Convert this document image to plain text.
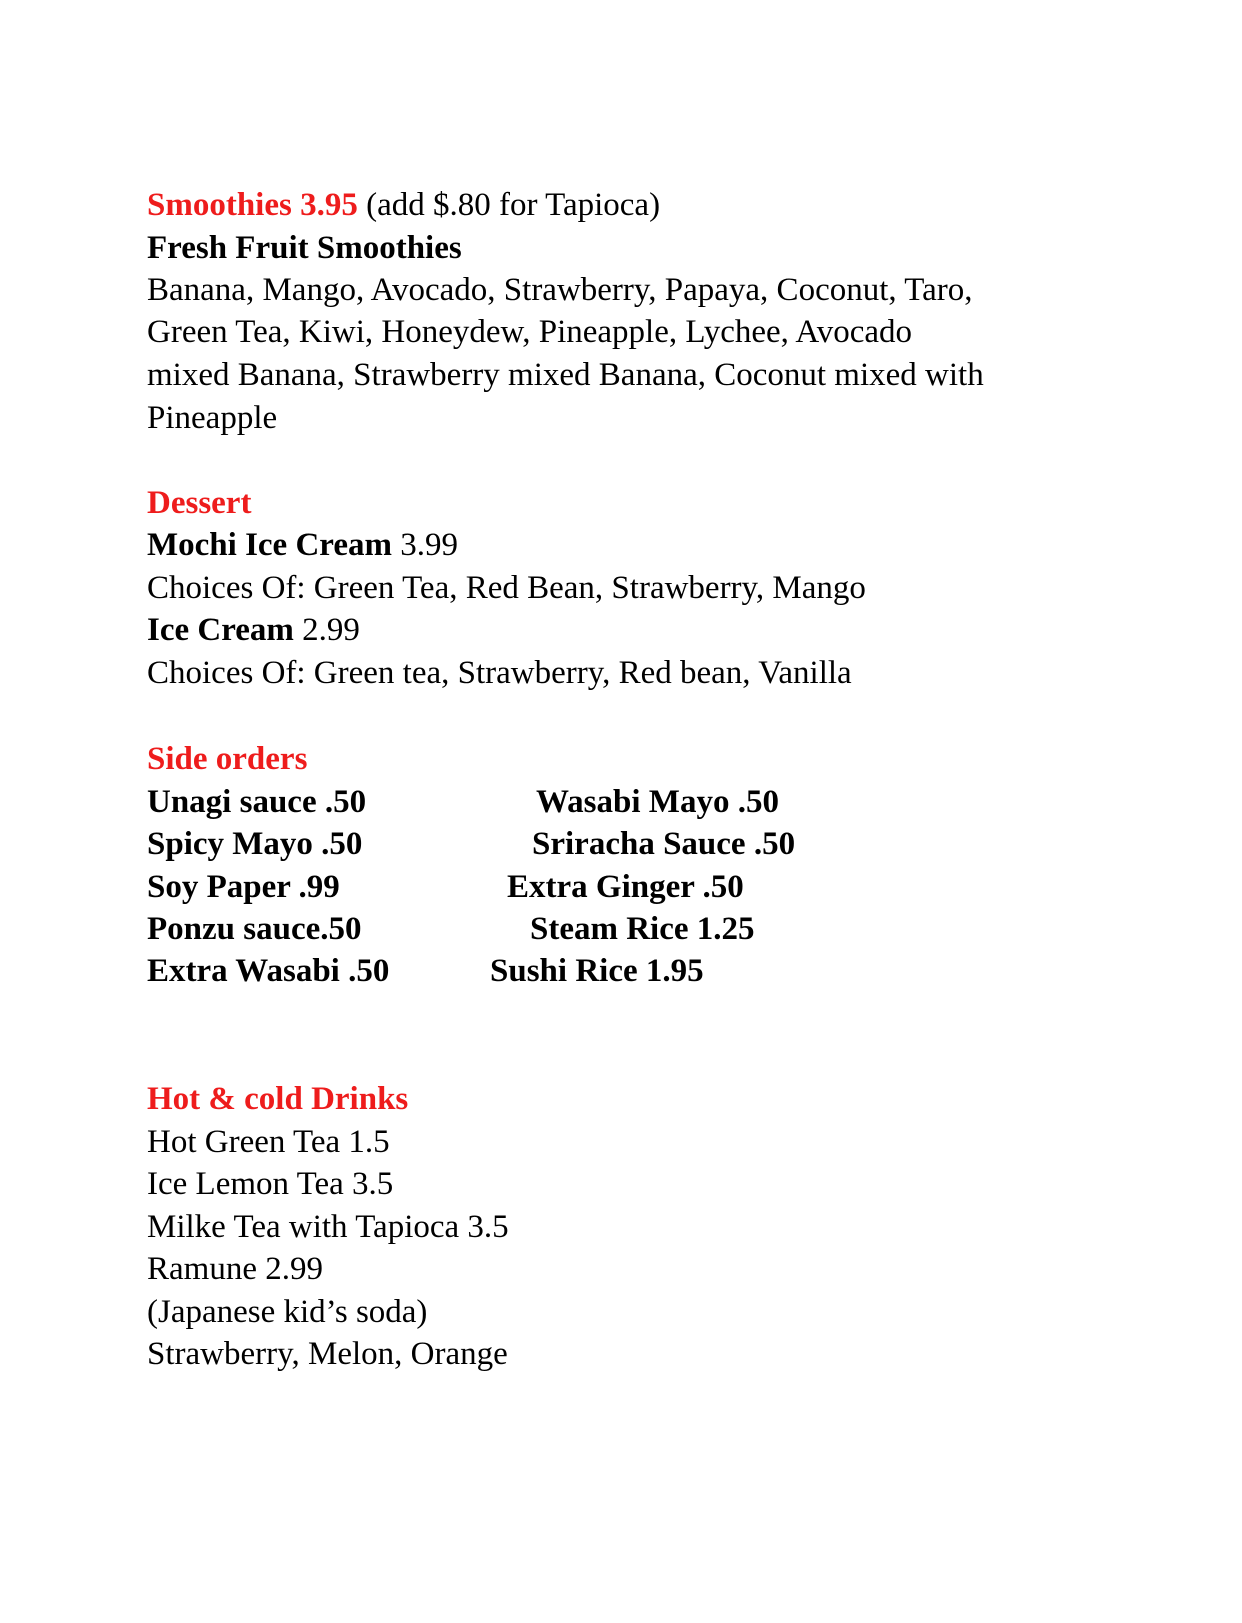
Smoothies 3.95 (add $.80 for Tapioca)
Fresh Fruit Smoothies
Banana, Mango, Avocado, Strawberry, Papaya, Coconut, Taro,
Green Tea, Kiwi, Honeydew, Pineapple, Lychee, Avocado
mixed Banana, Strawberry mixed Banana, Coconut mixed with
Pineapple
Dessert
Mochi Ice Cream 3.99
Choices Of: Green Tea, Red Bean, Strawberry, Mango
Ice Cream 2.99
Choices Of: Green tea, Strawberry, Red bean, Vanilla
Side orders
Unagi sauce .50
Spicy Mayo .50
Soy Paper .99
Ponzu sauce.50
Extra Wasabi .50
Wasabi Mayo .50
Sriracha Sauce .50
Extra Ginger .50
Steam Rice 1.25
Sushi Rice 1.95
Hot & cold Drinks
Hot Green Tea 1.5
Ice Lemon Tea 3.5
Milke Tea with Tapioca 3.5
Ramune 2.99
(Japanese kid’s soda)
Strawberry, Melon, Orange
